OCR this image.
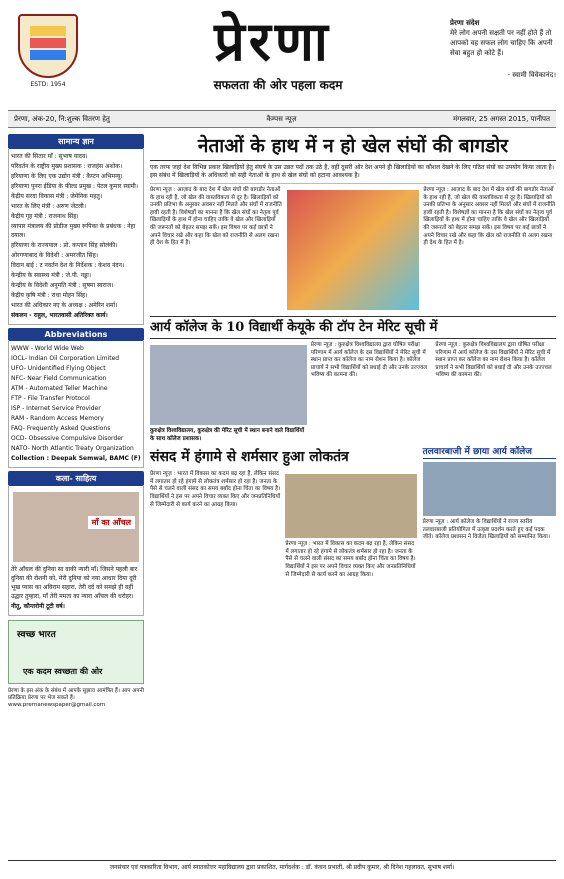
ESTD: 1954
प्रेरणा
सफलता की ओर पहला कदम
प्रेरणा संदेश
मेरे लोग अपनी सक्षती पर नहीं होते हैं तो आपको वह सफल लोग चाहिए कि अपनी सेवा बहुत हो कोटे हैं।
- स्वामी विवेकानंद।
प्रेरणा, अंक-20, नि:शुल्क वितरण हेतु	कैम्पस न्यूज़	मंगलवार, 25 अगस्त 2015, पानीपत
सामान्य ज्ञान

भारत की सितार माँ : सुभाष यादव।

परिवर्तन के राष्ट्रीय मुख्य प्रशासक : राजहंस अशोक।

हरियाणा के लिए एक उद्योग मंत्री : कैप्टन अभिमन्यु।

हरियाणा पुनरा ईडिया के फील्ड प्रमुख : पेटल कुमार स्वामी।

केंद्रीय सरदा विकास मंत्री : जेमेनिक महतु।

भारत के लिए मंत्री : अरुण जेटली।

केंद्रीय गृह मंत्री : राजनाथ सिंह।

व्यापार मंत्रालय की प्रोडीज मुख्य रूपिका के प्रबंधक : नेहा दयाल।

हरियाणा के राज्यपाल : प्रो. कप्तान सिंह सोलंकी।

ओरगणाबाद के विदेशी : अमरजीत सिंह।

विदान बाई : ट नवर्तन देश के निर्देशक : केशव नंदन।

केन्द्रीय के स्वास्थ्य मंत्री : जे.पी. नड्डा।

केन्द्रीय के विदेशी अनुमति मंत्री : सुषमा स्वराज।

केंद्रीय कृषि मंत्री : राधा मोहन सिंह।

भारत की अधिकार नए के अध्यक्ष : अमेरिन शर्मा।

संकलन - राहुल, भारतवासी अतिरिक्त कार्य।

Abbreviations

WWW - World Wide Web

IOCL- Indian Oil Corporation Limited

UFO- Unidentified Flying Object

NFC- Near Field Communication

ATM - Automated Teller Machine

FTP - File Transfer Protocol

ISP - Internet Service Provider

RAM - Random Access Memory

FAQ- Frequently Asked Questions

OCD- Obsessive Compulsive Disorder

NATO- North Atlantic Treaty Organization

Collection : Deepak Semwal, BAMC (F)

कला- साहित्य
माँ का आँचल

तेरे आँचल की दुनिया सा वाकी न्यारी माँ। जिसने पहली बार दुनिया की रोशनी को, मेरी दुनिया को नया आधार दिया दूरी भूख प्यास का अविराम सहारा, तेरी दर्द को समझे ही वहीं उद्धार तुम्हारा, माँ तेरी ममता का न्यारा आँचल की धरोहर।

नीतू, कौन्तरोनी टूटी वर्ष।

स्वच्छ भारत
एक कदम स्वच्छता की ओर
प्रेरणा के इस अंक के संबंध में आपके सुझाव आमंत्रित हैं। आप अपनी प्रतिक्रिया प्रेरणा पर भेज सकते हैं। www.prernanewspaper@gmail.com
नेताओं के हाथ में न हो खेल संघों की बागडोर
एक तरफ जहां देश विभिन्न प्रकार खिलाड़ियों हेतु संघर्ष के उस उन्नत पदों तक उठे है, वहीं दूसरी ओर देश अपने ही खिलाड़ियों का कौशल देखने के लिए गठित संघों का उपयोग किया जाता है। इस संबंध में खिलाड़ियों के अधिकारों को सही नेताओं के हाथ से खेल संघों को हटाना आवश्यक है।

प्रेरणा न्यूज़ : आज़ाद के बाद देश में खेल संघों की बागडोर नेताओं के हाथ रही है, जो खेल की वास्तविकता से दूर है। खिलाड़ियों को उनकी प्रतिभा के अनुसार अवसर नहीं मिलते और संघों में राजनीति हावी रहती है। विशेषज्ञों का मानना है कि खेल संघों का नेतृत्व पूर्व खिलाड़ियों के हाथ में होना चाहिए ताकि वे खेल और खिलाड़ियों की जरूरतों को बेहतर समझ सकें। इस विषय पर कई छात्रों ने अपने विचार रखे और कहा कि खेल को राजनीति से अलग रखना ही देश के हित में है।

प्रेरणा न्यूज़ : आज़ाद के बाद देश में खेल संघों की बागडोर नेताओं के हाथ रही है, जो खेल की वास्तविकता से दूर है। खिलाड़ियों को उनकी प्रतिभा के अनुसार अवसर नहीं मिलते और संघों में राजनीति हावी रहती है। विशेषज्ञों का मानना है कि खेल संघों का नेतृत्व पूर्व खिलाड़ियों के हाथ में होना चाहिए ताकि वे खेल और खिलाड़ियों की जरूरतों को बेहतर समझ सकें। इस विषय पर कई छात्रों ने अपने विचार रखे और कहा कि खेल को राजनीति से अलग रखना ही देश के हित में है।

आर्य कॉलेज के 10 विद्यार्थी केयूके की टॉप टेन मेरिट सूची में

कुरुक्षेत्र विश्वविद्यालय, कुरुक्षेत्र की मेरिट सूची में स्थान बनाने वाले विद्यार्थियों के साथ कॉलेज प्रशासक।

प्रेरणा न्यूज़ : कुरुक्षेत्र विश्वविद्यालय द्वारा घोषित परीक्षा परिणाम में आर्य कॉलेज के दस विद्यार्थियों ने मेरिट सूची में स्थान प्राप्त कर कॉलेज का नाम रोशन किया है। कॉलेज प्राचार्य ने सभी विद्यार्थियों को बधाई दी और उनके उज्ज्वल भविष्य की कामना की।

प्रेरणा न्यूज़ : कुरुक्षेत्र विश्वविद्यालय द्वारा घोषित परीक्षा परिणाम में आर्य कॉलेज के दस विद्यार्थियों ने मेरिट सूची में स्थान प्राप्त कर कॉलेज का नाम रोशन किया है। कॉलेज प्राचार्य ने सभी विद्यार्थियों को बधाई दी और उनके उज्ज्वल भविष्य की कामना की।

संसद में हंगामे से शर्मसार हुआ लोकतंत्र

प्रेरणा न्यूज़ : भारत में विकास का कदम बढ़ रहा है, लेकिन संसद में लगातार हो रहे हंगामे से लोकतंत्र शर्मसार हो रहा है। जनता के पैसे से चलने वाली संसद का समय बर्बाद होना चिंता का विषय है। विद्यार्थियों ने इस पर अपने विचार व्यक्त किए और जनप्रतिनिधियों से जिम्मेदारी से कार्य करने का आग्रह किया।

प्रेरणा न्यूज़ : भारत में विकास का कदम बढ़ रहा है, लेकिन संसद में लगातार हो रहे हंगामे से लोकतंत्र शर्मसार हो रहा है। जनता के पैसे से चलने वाली संसद का समय बर्बाद होना चिंता का विषय है। विद्यार्थियों ने इस पर अपने विचार व्यक्त किए और जनप्रतिनिधियों से जिम्मेदारी से कार्य करने का आग्रह किया।

तलवारबाजी में छाया आर्य कॉलेज
प्रेरणा न्यूज़ : आर्य कॉलेज के विद्यार्थियों ने राज्य स्तरीय तलवारबाजी प्रतियोगिता में उत्कृष्ट प्रदर्शन करते हुए कई पदक जीते। कॉलेज प्रशासन ने विजेता खिलाड़ियों को सम्मानित किया।
जनसंचार एवं पत्रकारिता विभाग, आर्य स्नातकोत्तर महाविद्यालय द्वारा प्रकाशित, मार्गदर्शक : डॉ. कंचन प्रभाती, श्री प्रदीप कुमार, श्री दिनेश गहलावत, सुभाष शर्मा।
